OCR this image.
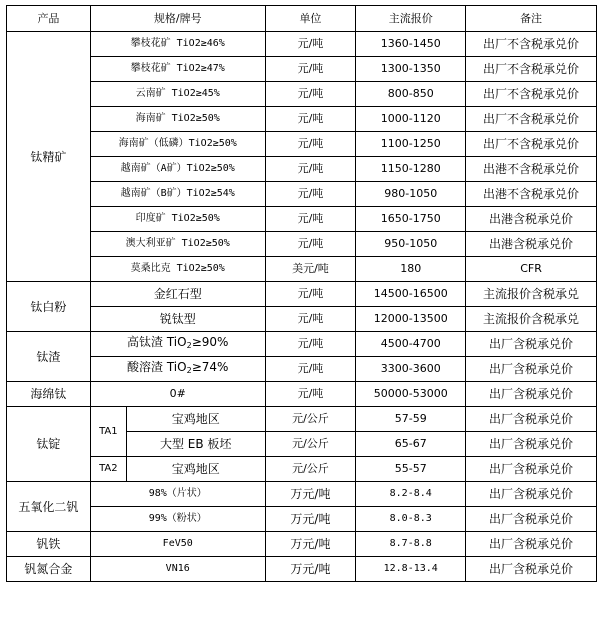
产品	规格/牌号		单位	主流报价	备注
钛精矿	攀枝花矿 TiO2≥46%		元/吨	1360-1450	出厂不含税承兑价
	攀枝花矿 TiO2≥47%		元/吨	1300-1350	出厂不含税承兑价
	云南矿 TiO2≥45%		元/吨	800-850	出厂不含税承兑价
	海南矿 TiO2≥50%		元/吨	1000-1120	出厂不含税承兑价
	海南矿（低磷）TiO2≥50%		元/吨	1100-1250	出厂不含税承兑价
	越南矿（A矿）TiO2≥50%		元/吨	1150-1280	出港不含税承兑价
	越南矿（B矿）TiO2≥54%		元/吨	980-1050	出港不含税承兑价
	印度矿 TiO2≥50%		元/吨	1650-1750	出港含税承兑价
	澳大利亚矿 TiO2≥50%		元/吨	950-1050	出港含税承兑价
	莫桑比克 TiO2≥50%		美元/吨	180	CFR
钛白粉	金红石型		元/吨	14500-16500	主流报价含税承兑
	锐钛型		元/吨	12000-13500	主流报价含税承兑
钛渣	高钛渣 TiO$_2$≥90%		元/吨	4500-4700	出厂含税承兑价
	酸溶渣 TiO$_2$≥74%		元/吨	3300-3600	出厂含税承兑价
海绵钛	0#		元/吨	50000-53000	出厂含税承兑价
钛锭	TA1	宝鸡地区	元/公斤	57-59	出厂含税承兑价
		大型 EB 板坯	元/公斤	65-67	出厂含税承兑价
	TA2	宝鸡地区	元/公斤	55-57	出厂含税承兑价
五氧化二钒	98%（片状）		万元/吨	8.2-8.4	出厂含税承兑价
	99%（粉状）		万元/吨	8.0-8.3	出厂含税承兑价
钒铁	FeV50		万元/吨	8.7-8.8	出厂含税承兑价
钒氮合金	VN16		万元/吨	12.8-13.4	出厂含税承兑价
